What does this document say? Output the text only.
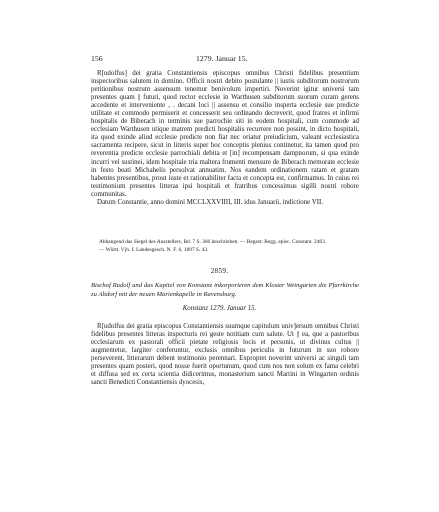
156	1279. Januar 15.

R[udolfus] dei gratia Constantiensis episcopus omnibus Christi fidelibus presentium inspectoribus salutem in domino. Officii nostri debito postulante || iustis subditorum nostrorum petitionibus nostrum assensum tenemur benivolum impertiri. Noverint igitur universi tam presentes quam || futuri, quod rector ecclesie in Warthusen subditorum suorum curam gerens accedente et interveniente , . decani loci || assensu et consilio insperta ecclesie sue predicte utilitate et commodo permiserit et concesserit seu ordinando decreverit, quod fratres et infirmi hospitalis de Biberach in terminis sue parrochie siti in eodem hospitali, cum commode ad ecclesiam Warthusen utique matrem predicti hospitalis recurrere non possint, in dicto hospitali, ita quod exinde aliud ecclesie predicte non fiat nec oriatur preiudicium, valeant ecclesiastica sacramenta recipere, sicut in litteris super hoc conceptis plenius continetur, ita tamen quod pro reverentia predicte ecclesie parrochiali debita et [in] recompensam dampnorum, si qua exinde incurri vel sustinei, idem hospitale tria maltera frumenti mensure de Biberach memorate ecclesie in festo beati Michahelis persolvat annuatim. Nos eandem ordinationem ratam et gratam habentes presentibus, prout iuste et rationabiliter facta et concepta est, confirmamus. In cuius rei testimonium presentes litteras ipsi hospitali et fratribus concessimus sigilli nostri robore communitas.

Datum Constantie, anno domini MCCLXXVIIII, III. idus Januarii, indictione VII.

Abhangend das Siegel des Ausstellers, Bd. 7 S. 366 beschrieben. — Regest: Regg. episc. Constant. 2463.

— Württ. Vjh. f. Landesgesch. N. F. 6, 1897 S. 43.

2859.
Bischof Rudolf und das Kapitel von Konstanz inkorporieren dem Kloster Weingarten die Pfarrkirche zu Altdorf mit der neuen Marienkapelle in Ravensburg.
Konstanz 1279. Januar 15.

R[udolfus dei gratia episcopus Constantiensis suumque capitulum univ]ersum omnibus Christi fidelibus presentes litteras inspecturis rei geste notitiam cum salute. Ut || ea, que a pastoribus ecclesiarum ex pastorali officii pietate religiosis locis et personis, ut divinus cultus || augmentetur, largiter conferuntur, exclusis omnibus periculis in futurum in suo robore perseverent, litterarum debent testimonio perennari. Exproptet noverint universi ac singuli tam presentes quam posteri, quod nosse fuerit oportunum, quod cum nos non solum ex fama celebri et diffusa sed ex certa scientia didicerimus, monasterium sancti Martini in Wingarten ordinis sancti Benedicti Constantiensis dyocesis,
